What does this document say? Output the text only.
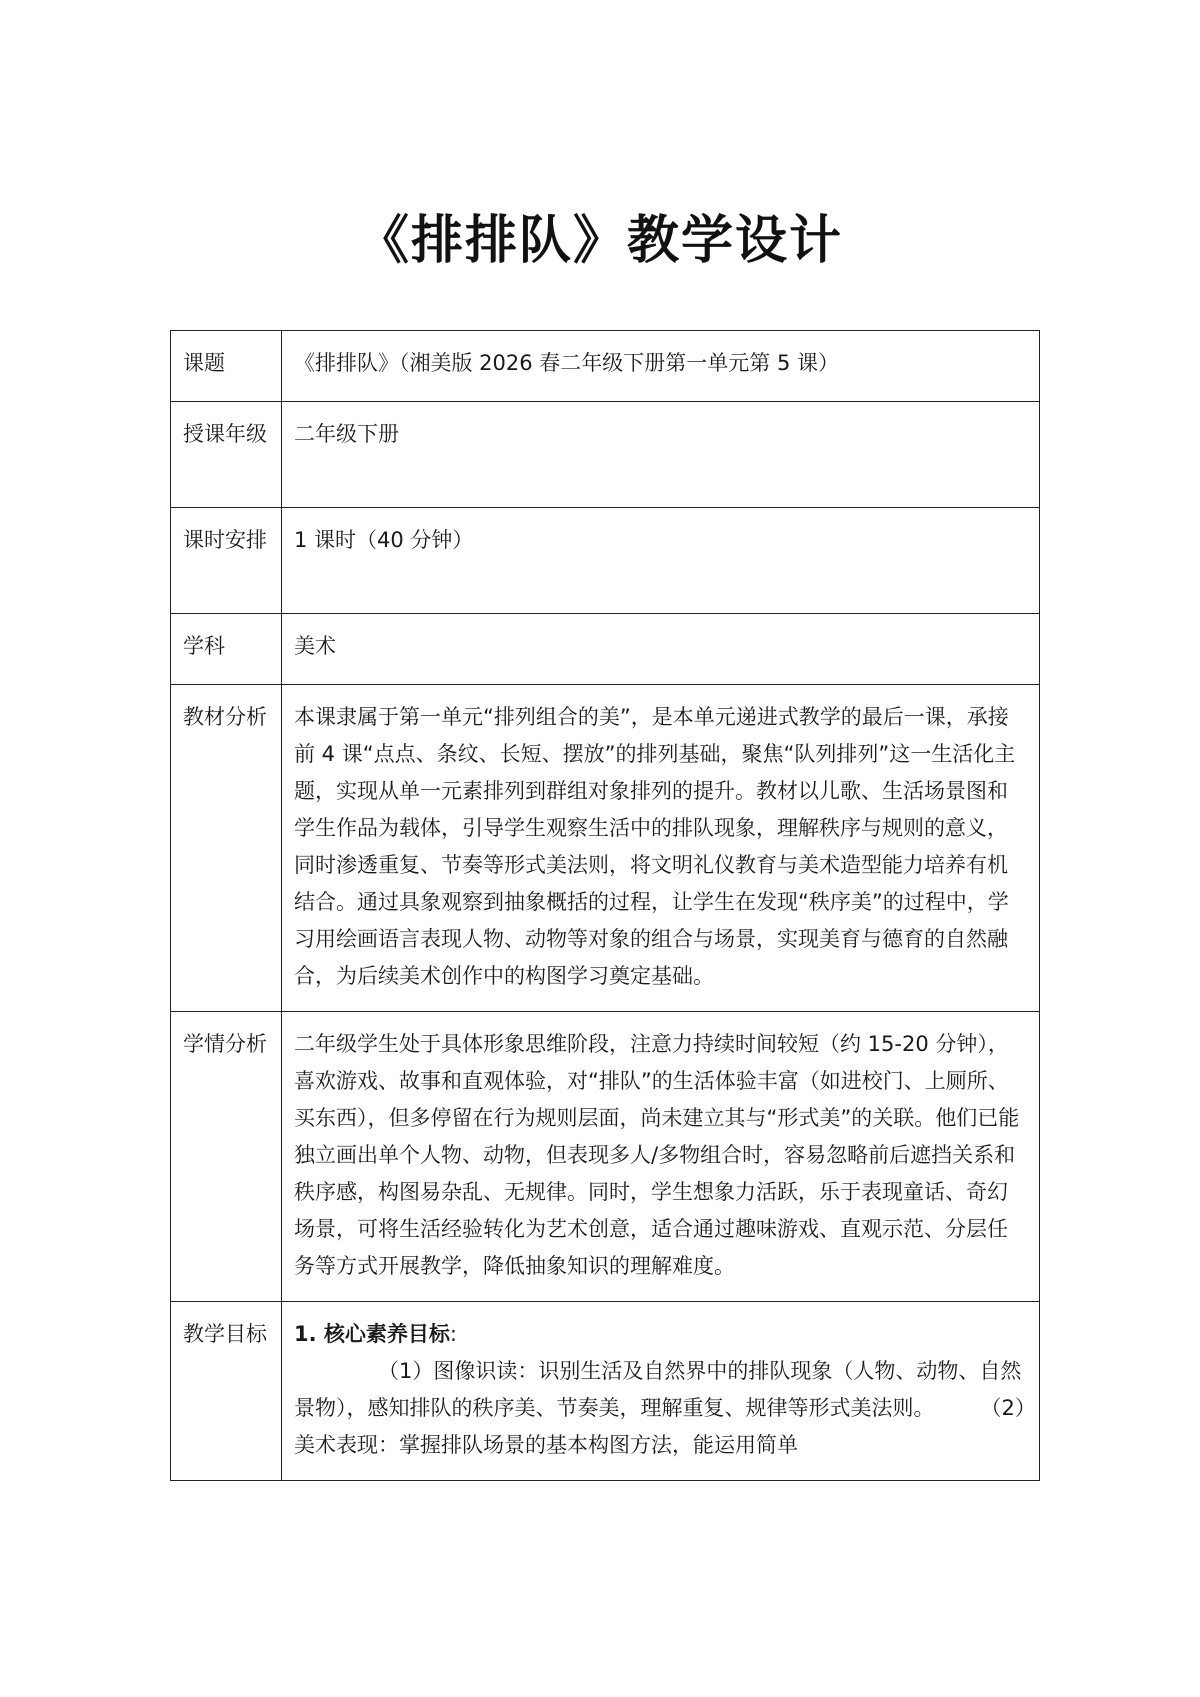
《排排队》教学设计
课题	《排排队》（湘美版 2026 春二年级下册第一单元第 5 课）
授课年级	二年级下册
课时安排	1 课时（40 分钟）
学科	美术
教材分析	本课隶属于第一单元“排列组合的美”，是本单元递进式教学的最后一课，承接前 4 课“点点、条纹、长短、摆放”的排列基础，聚焦“队列排列”这一生活化主题，实现从单一元素排列到群组对象排列的提升。教材以儿歌、生活场景图和学生作品为载体，引导学生观察生活中的排队现象，理解秩序与规则的意义，同时渗透重复、节奏等形式美法则，将文明礼仪教育与美术造型能力培养有机结合。通过具象观察到抽象概括的过程，让学生在发现“秩序美”的过程中，学习用绘画语言表现人物、动物等对象的组合与场景，实现美育与德育的自然融合，为后续美术创作中的构图学习奠定基础。
学情分析	二年级学生处于具体形象思维阶段，注意力持续时间较短（约 15-20 分钟），喜欢游戏、故事和直观体验，对“排队”的生活体验丰富（如进校门、上厕所、买东西），但多停留在行为规则层面，尚未建立其与“形式美”的关联。他们已能独立画出单个人物、动物，但表现多人/多物组合时，容易忽略前后遮挡关系和秩序感，构图易杂乱、无规律。同时，学生想象力活跃，乐于表现童话、奇幻场景，可将生活经验转化为艺术创意，适合通过趣味游戏、直观示范、分层任务等方式开展教学，降低抽象知识的理解难度。
教学目标	1. 核心素养目标:
（1）图像识读：识别生活及自然界中的排队现象（人物、动物、自然景物），感知排队的秩序美、节奏美，理解重复、规律等形式美法则。 （2）美术表现：掌握排队场景的基本构图方法，能运用简单
